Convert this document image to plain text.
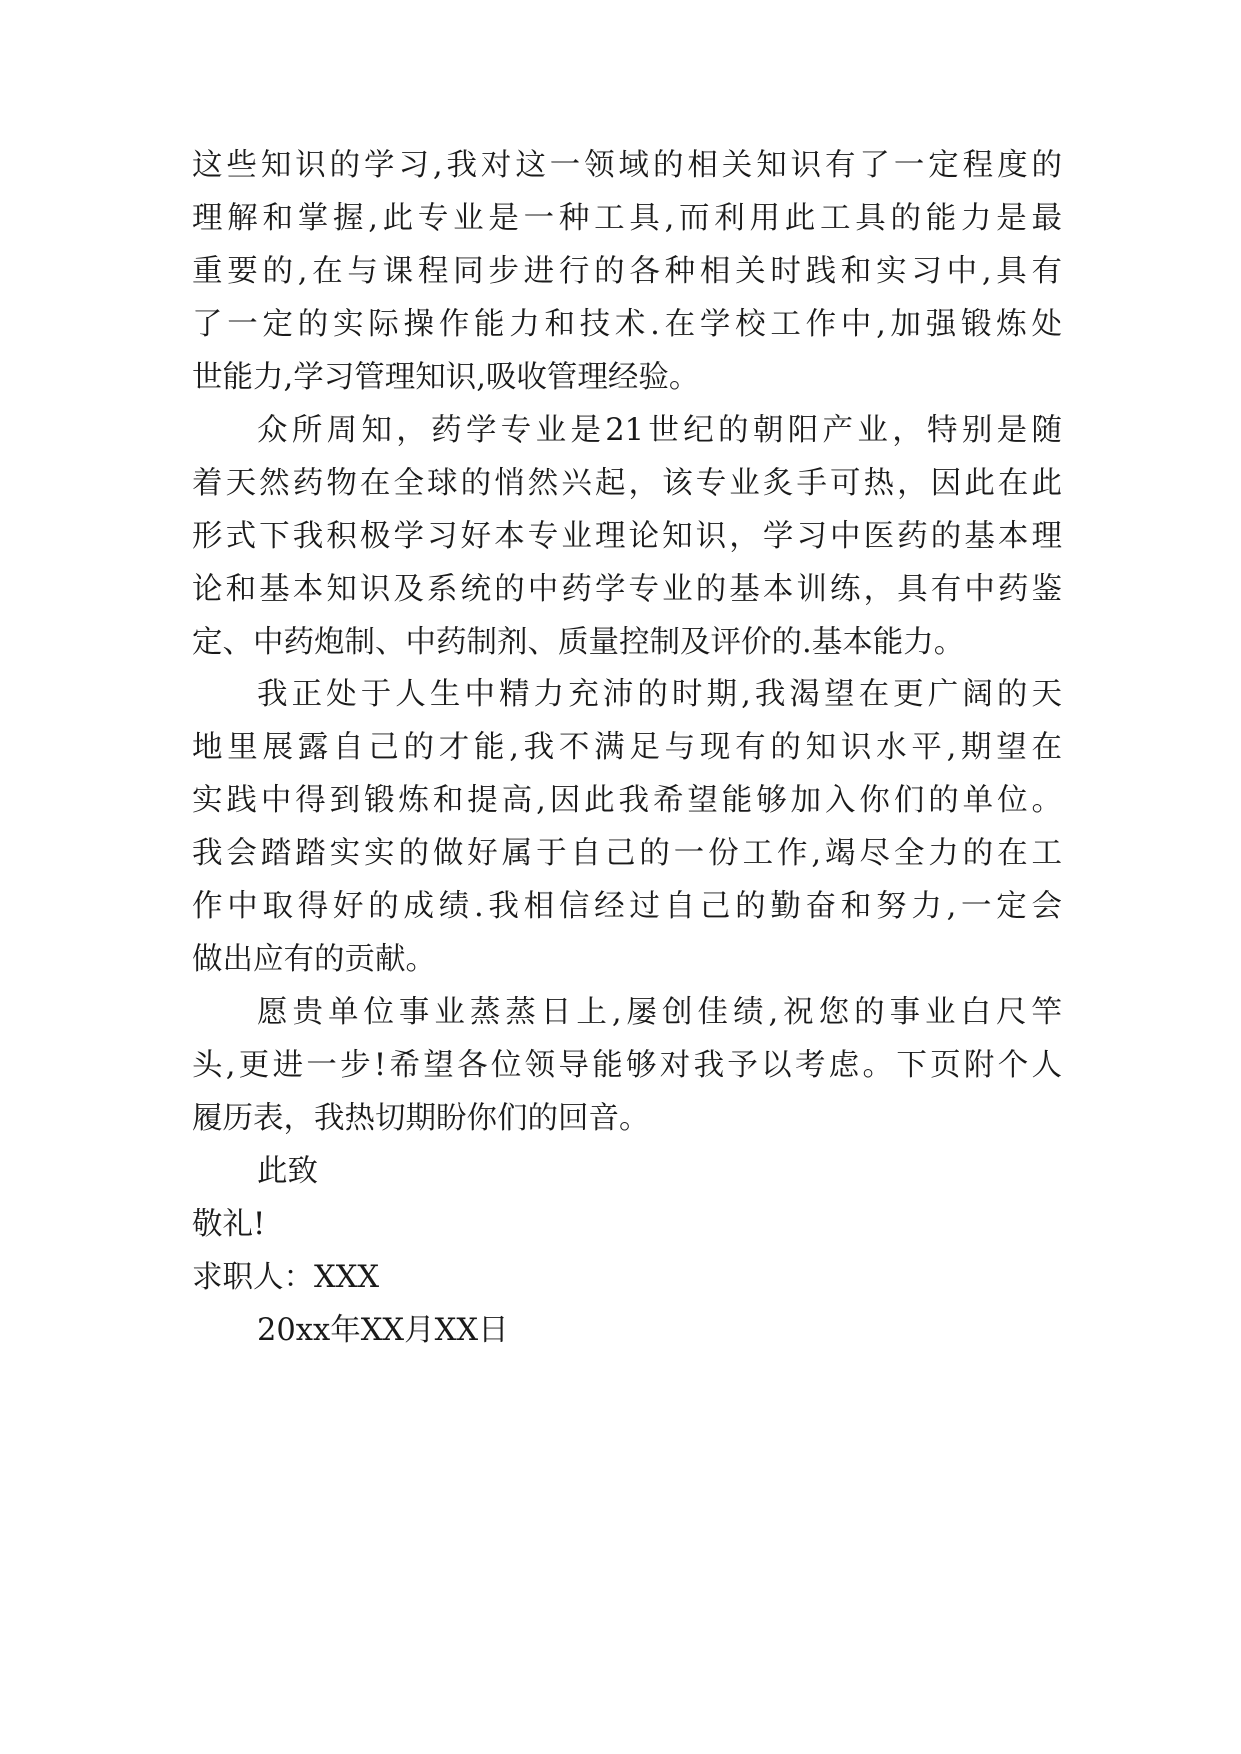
这些知识的学习,我对这一领域的相关知识有了一定程度的
理解和掌握,此专业是一种工具,而利用此工具的能力是最
重要的,在与课程同步进行的各种相关时践和实习中,具有
了一定的实际操作能力和技术.在学校工作中,加强锻炼处
世能力,学习管理知识,吸收管理经验。
众所周知，药学专业是21世纪的朝阳产业，特别是随
着天然药物在全球的悄然兴起，该专业炙手可热，因此在此
形式下我积极学习好本专业理论知识，学习中医药的基本理
论和基本知识及系统的中药学专业的基本训练，具有中药鉴
定、中药炮制、中药制剂、质量控制及评价的.基本能力。
我正处于人生中精力充沛的时期,我渴望在更广阔的天
地里展露自己的才能,我不满足与现有的知识水平,期望在
实践中得到锻炼和提高,因此我希望能够加入你们的单位。
我会踏踏实实的做好属于自己的一份工作,竭尽全力的在工
作中取得好的成绩.我相信经过自己的勤奋和努力,一定会
做出应有的贡献。
愿贵单位事业蒸蒸日上,屡创佳绩,祝您的事业白尺竿
头,更进一步!希望各位领导能够对我予以考虑。下页附个人
履历表，我热切期盼你们的回音。
此致
敬礼!
求职人：XXX
20xx年XX月XX日
